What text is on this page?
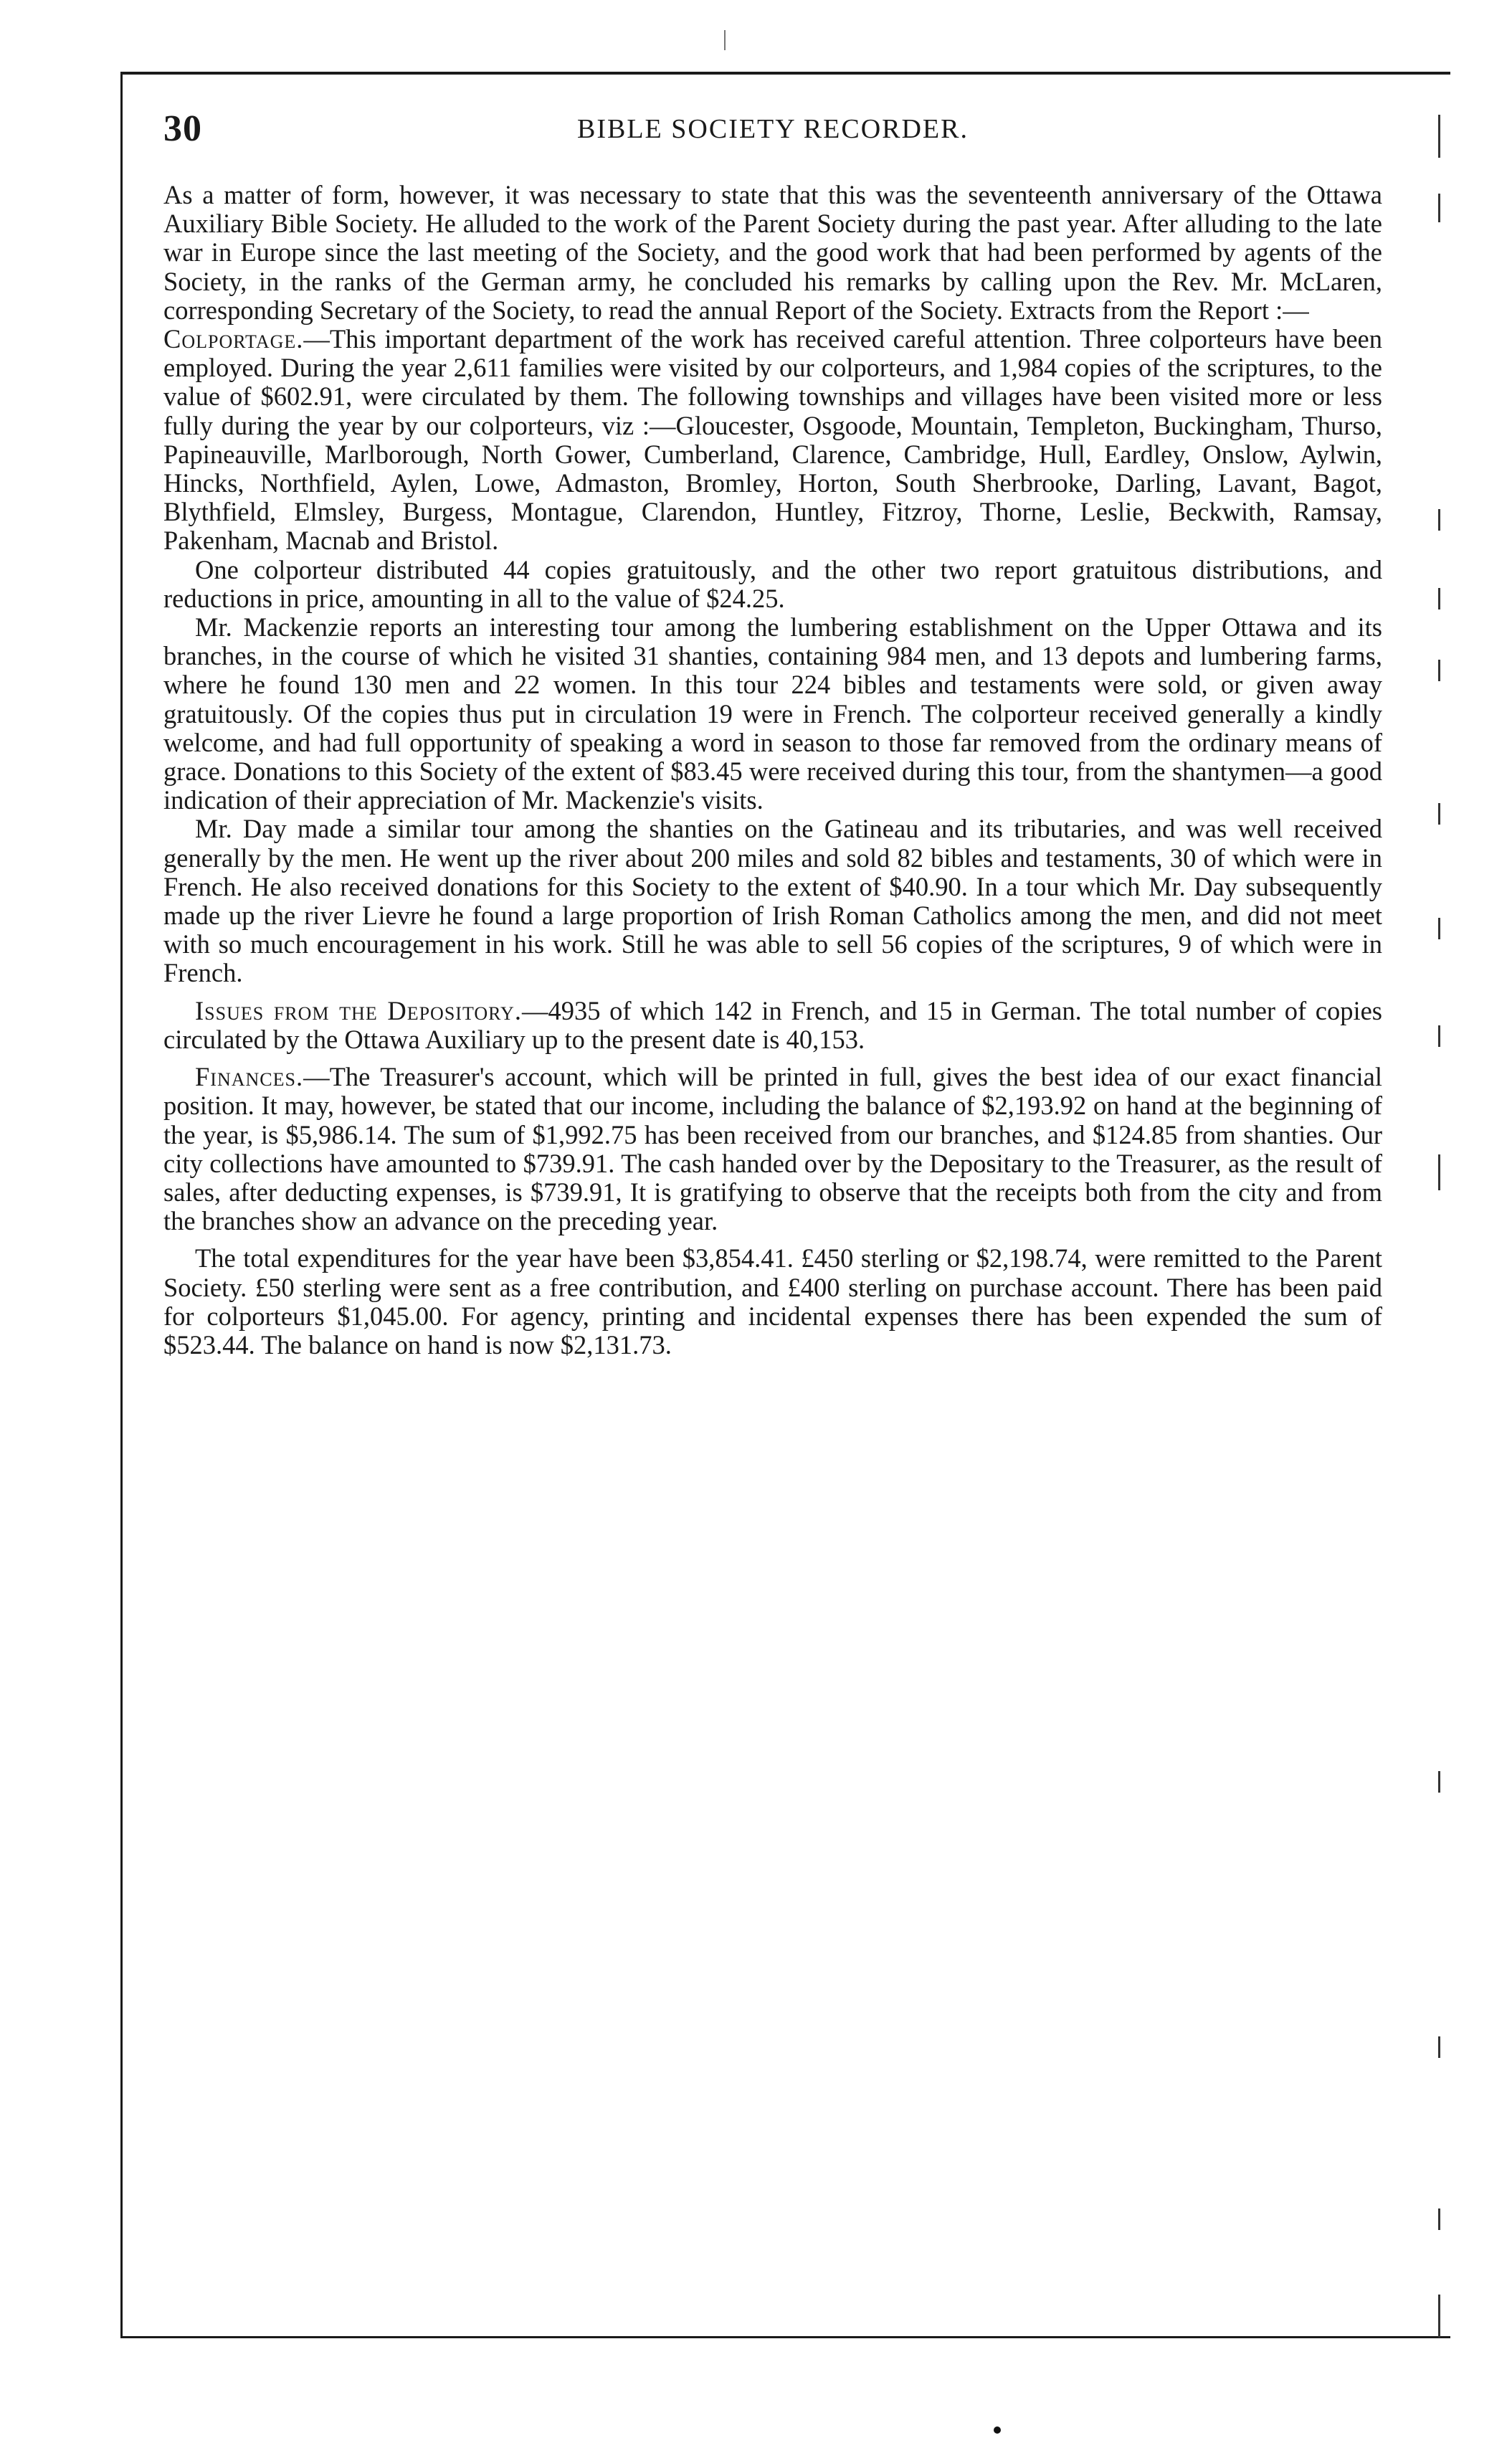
30	BIBLE SOCIETY RECORDER.

As a matter of form, however, it was necessary to state that this was the seventeenth anniversary of the Ottawa Auxiliary Bible Society. He alluded to the work of the Parent Society during the past year. After alluding to the late war in Europe since the last meeting of the Society, and the good work that had been performed by agents of the Society, in the ranks of the German army, he concluded his remarks by calling upon the Rev. Mr. McLaren, corresponding Secretary of the Society, to read the annual Report of the Society. Extracts from the Report :—

Colportage.—This important department of the work has received careful attention. Three colporteurs have been employed. During the year 2,611 families were visited by our colporteurs, and 1,984 copies of the scriptures, to the value of $602.91, were circulated by them. The following townships and villages have been visited more or less fully during the year by our colporteurs, viz :—Gloucester, Osgoode, Mountain, Templeton, Buckingham, Thurso, Papineauville, Marlborough, North Gower, Cumberland, Clarence, Cambridge, Hull, Eardley, Onslow, Aylwin, Hincks, Northfield, Aylen, Lowe, Admaston, Bromley, Horton, South Sherbrooke, Darling, Lavant, Bagot, Blythfield, Elmsley, Burgess, Montague, Clarendon, Huntley, Fitzroy, Thorne, Leslie, Beckwith, Ramsay, Pakenham, Macnab and Bristol.

One colporteur distributed 44 copies gratuitously, and the other two report gratuitous distributions, and reductions in price, amounting in all to the value of $24.25.

Mr. Mackenzie reports an interesting tour among the lumbering establishment on the Upper Ottawa and its branches, in the course of which he visited 31 shanties, containing 984 men, and 13 depots and lumbering farms, where he found 130 men and 22 women. In this tour 224 bibles and testaments were sold, or given away gratuitously. Of the copies thus put in circulation 19 were in French. The colporteur received generally a kindly welcome, and had full opportunity of speaking a word in season to those far removed from the ordinary means of grace. Donations to this Society of the extent of $83.45 were received during this tour, from the shantymen—a good indication of their appreciation of Mr. Mackenzie's visits.

Mr. Day made a similar tour among the shanties on the Gatineau and its tributaries, and was well received generally by the men. He went up the river about 200 miles and sold 82 bibles and testaments, 30 of which were in French. He also received donations for this Society to the extent of $40.90. In a tour which Mr. Day subsequently made up the river Lievre he found a large proportion of Irish Roman Catholics among the men, and did not meet with so much encouragement in his work. Still he was able to sell 56 copies of the scriptures, 9 of which were in French.

Issues from the Depository.—4935 of which 142 in French, and 15 in German. The total number of copies circulated by the Ottawa Auxiliary up to the present date is 40,153.

Finances.—The Treasurer's account, which will be printed in full, gives the best idea of our exact financial position. It may, however, be stated that our income, including the balance of $2,193.92 on hand at the beginning of the year, is $5,986.14. The sum of $1,992.75 has been received from our branches, and $124.85 from shanties. Our city collections have amounted to $739.91. The cash handed over by the Depositary to the Treasurer, as the result of sales, after deducting expenses, is $739.91, It is gratifying to observe that the receipts both from the city and from the branches show an advance on the preceding year.

The total expenditures for the year have been $3,854.41. £450 sterling or $2,198.74, were remitted to the Parent Society. £50 sterling were sent as a free contribution, and £400 sterling on purchase account. There has been paid for colporteurs $1,045.00. For agency, printing and incidental expenses there has been expended the sum of $523.44. The balance on hand is now $2,131.73.
